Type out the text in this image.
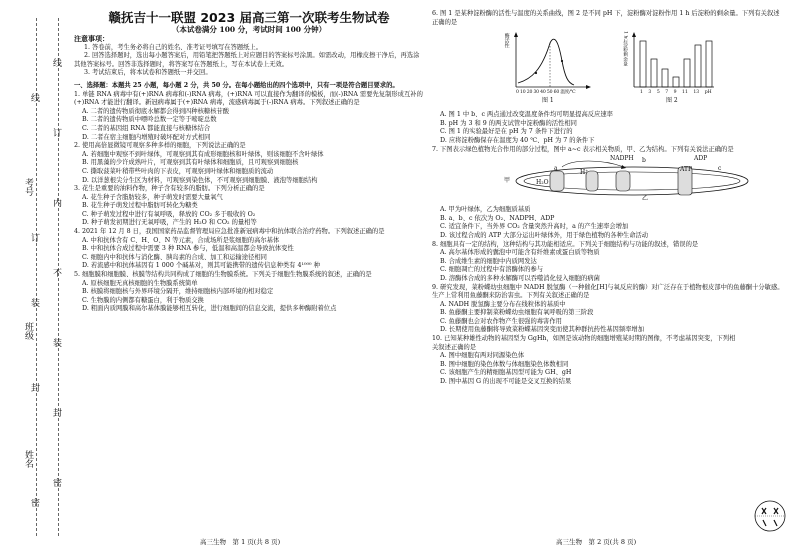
考号
班级
姓名
线
订
内
不
装
封
密
线
订
装
封
密

赣抚吉十一联盟 2023 届高三第一次联考生物试卷

（本试卷满分 100 分，考试时间 100 分钟）

注意事项：

1. 答卷前，考生务必将自己的姓名、准考证号填写在答题纸上。

2. 回答选择题时，选出每小题答案后，用铅笔把答题纸上对应题目的答案标号涂黑。如需改动，用橡皮擦干净后，再选涂其他答案标号。回答非选择题时，将答案写在答题纸上，写在本试卷上无效。

3. 考试结束后，将本试卷和答题纸一并交回。

一、选择题：本题共 25 小题，每小题 2 分，共 50 分。在每小题给出的四个选项中，只有一项是符合题目要求的。

1. 单链 RNA 病毒中有(+)RNA 病毒和(-)RNA 病毒，(+)RNA 可以直接作为翻译的模板，而(-)RNA 需要先复制形成互补的(+)RNA 才能进行翻译。新冠病毒属于(+)RNA 病毒，流感病毒属于(-)RNA 病毒。下列叙述正确的是

A. 二者的遗传物质彻底水解都会得到四种核糖核苷酸

B. 二者的遗传物质中嘌呤总数一定等于嘧啶总数

C. 二者的基因组 RNA 都能直接与核糖体结合

D. 二者在宿主细胞内增殖时破坏配对方式相同

2. 使用高倍显微镜可观察多种多样的细胞，下列说法正确的是

A. 若细胞中观察不到叶绿体，可观察到其有成形细胞核和叶绿体，则该细胞不含叶绿体

B. 用黑藻的少许成熟叶片，可观察到其有叶绿体和细胞质，且可观察到细胞核

C. 撕取菠菜叶稍带些叶肉的下表皮，可观察到叶绿体和细胞质的流动

D. 以洋葱根尖分生区为材料，可观察到染色体，不可观察到细胞膜、液泡等细胞结构

3. 花生是重要的油料作物，种子含有较多的脂肪。下列分析正确的是

A. 花生种子含脂肪较多，种子萌发时需要大量氧气

B. 花生种子萌发过程中脂肪可转化为糖类

C. 种子萌发过程中进行有氧呼吸，释放的 CO₂ 多于吸收的 O₂

D. 种子萌发初期进行无氧呼吸，产生的 H₂O 和 CO₂ 的量相等

4. 2021 年 12 月 8 日，我国国家药品监督管理局应急批准新冠病毒中和抗体联合治疗药物。下列叙述正确的是

A. 中和抗体含有 C、H、O、N 等元素，合成场所是浆细胞的高尔基体

B. 中和抗体合成过程中需要 3 种 RNA 参与，低温和高温都会导致抗体变性

C. 细胞内中和抗体与消化酶、胰岛素的合成、加工和运输途径相同

D. 若流感中和抗体基因有 1 000 个碱基对，则其可能携带的遗传信息种类有 4¹⁰⁰⁰ 种

5. 细胞膜和细胞膜、核膜等结构共同构成了细胞的生物膜系统。下列关于细胞生物膜系统的叙述，正确的是

A. 原核细胞无真核细胞的生物膜系统简单

B. 核膜将细胞核与外界环境分隔开，维持细胞核内部环境的相对稳定

C. 生物膜的内侧都有糖蛋白，利于物质交换

D. 粗面内质网膜和高尔基体膜能够相互转化，进行细胞间的信息交流，提供多种酶附着位点

高三生物　第 1 页(共 8 页)

6. 图 1 是某种淀粉酶的活性与温度的关系曲线，图 2 是不同 pH 下，淀粉酶对淀粉作用 1 h 后淀粉的剩余量。下列有关叙述正确的是

酶活性
0 10 20 30 40 50 60 温度/℃
图 1
1 h后淀粉剩余量
1 3 5 7 9 11 13 pH
图 2

A. 图 1 中 b、c 两点通过改变温度条件均可明显提高反应速率

B. pH 为 3 和 9 的两支试管中淀粉酶的活性相同

C. 图 1 的实验最好是在 pH 为 7 条件下进行的

D. 应将淀粉酶保存在温度为 40 ℃、pH 为 7 的条件下

7. 下图表示绿色植物光合作用的部分过程，图中 a~c 表示相关物质，甲、乙为结构。下列有关说法正确的是

NADPH	ADP
ATP
a
b
c
H⁺
H₂O
甲
乙

A. 甲为叶绿体，乙为细胞质基质

B. a、b、c 依次为 O₂、NADPH、ADP

C. 适宜条件下，当外界 CO₂ 含量突然升高时，a 的产生速率会增加

D. 该过程合成的 ATP 大部分运出叶绿体外，用于绿色植物的各种生命活动

8. 细胞具有一定的结构，这种结构与其功能相适应。下列关于细胞结构与功能的叙述，错误的是

A. 高尔基体形成的囊泡中可能含有纤维素或蛋白质等物质

B. 合成维生素的细胞中内质网发达

C. 细胞凋亡的过程中有溶酶体的参与

D. 溶酶体合成的多种水解酶可以吞噬消化侵入细胞的病菌

9. 研究发现，菜粉蝶幼虫细胞中 NADH 脱氢酶（一种催化[H]与氧反应的酶）对广泛存在于植物根皮部中的鱼藤酮十分敏感。生产上常利用鱼藤酮来防治害虫。下列有关叙述正确的是

A. NADH 脱氢酶主要分布在线粒体的基质中

B. 鱼藤酮主要抑制菜粉蝶幼虫细胞有氧呼吸的第三阶段

C. 鱼藤酮也会对农作物产生很强的毒害作用

D. 长期使用鱼藤酮将导致菜粉蝶基因突变而使其种群抗药性基因频率增加

10. 已知某种雄性动物的基因型为 GgHh，如图是该动物的细胞增殖某时期的图像，不考虑基因突变，下列相关叙述正确的是

A. 图中细胞有两对同源染色体

B. 图中细胞的染色体数与体细胞染色体数相同

C. 该细胞产生的精细胞基因型可能为 GH、gH

D. 图中基因 G 的出现不可能是交叉互换的结果

高三生物　第 2 页(共 8 页)
